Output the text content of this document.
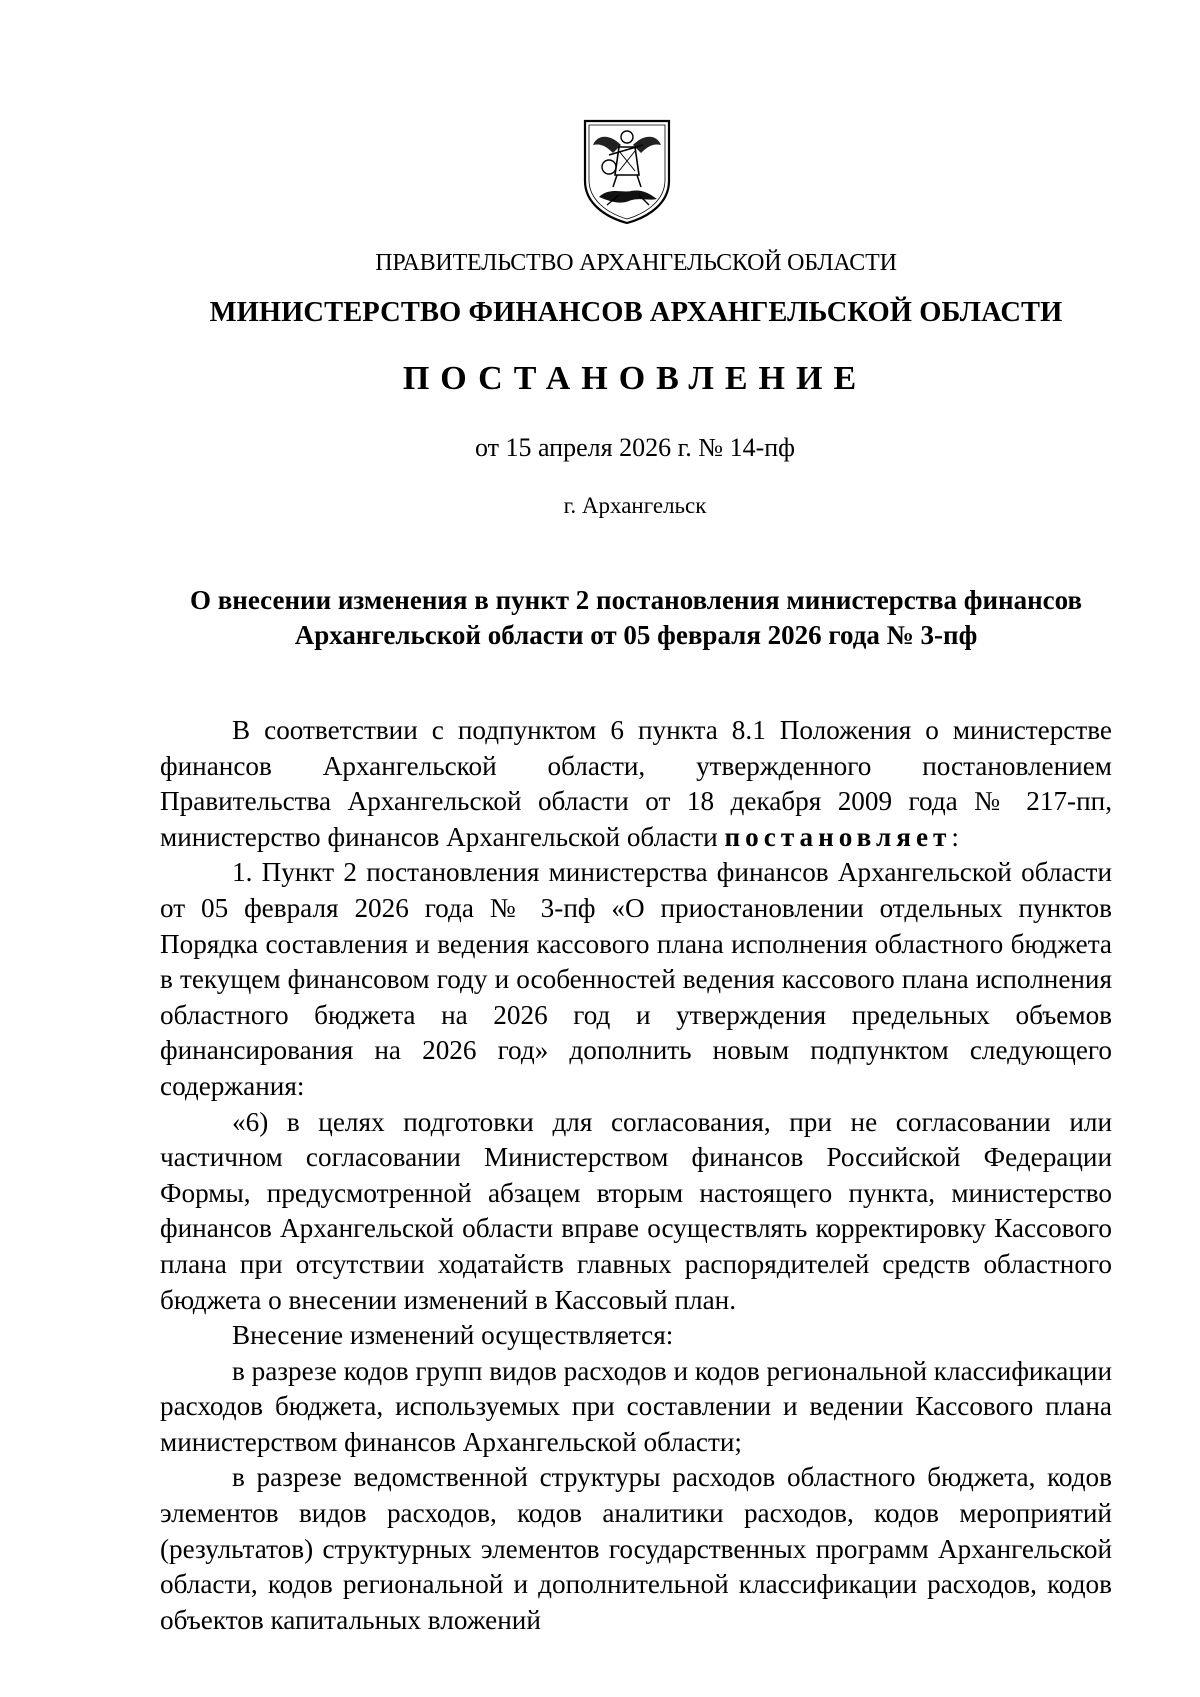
ПРАВИТЕЛЬСТВО АРХАНГЕЛЬСКОЙ ОБЛАСТИ
МИНИСТЕРСТВО ФИНАНСОВ АРХАНГЕЛЬСКОЙ ОБЛАСТИ
ПОСТАНОВЛЕНИЕ
от 15 апреля 2026 г. № 14-пф
г. Архангельск
О внесении изменения в пункт 2 постановления министерства финансов
Архангельской области от 05 февраля 2026 года № 3-пф

В соответствии с подпунктом 6 пункта 8.1 Положения о министерстве финансов Архангельской области, утвержденного постановлением Правительства Архангельской области от 18 декабря 2009 года № 217-пп, министерство финансов Архангельской области постановляет:

1. Пункт 2 постановления министерства финансов Архангельской области от 05 февраля 2026 года № 3-пф «О приостановлении отдельных пунктов Порядка составления и ведения кассового плана исполнения областного бюджета в текущем финансовом году и особенностей ведения кассового плана исполнения областного бюджета на 2026 год и утверждения предельных объемов финансирования на 2026 год» дополнить новым подпунктом следующего содержания:

«6) в целях подготовки для согласования, при не согласовании или частичном согласовании Министерством финансов Российской Федерации Формы, предусмотренной абзацем вторым настоящего пункта, министерство финансов Архангельской области вправе осуществлять корректировку Кассового плана при отсутствии ходатайств главных распорядителей средств областного бюджета о внесении изменений в Кассовый план.

Внесение изменений осуществляется:

в разрезе кодов групп видов расходов и кодов региональной классификации расходов бюджета, используемых при составлении и ведении Кассового плана министерством финансов Архангельской области;

в разрезе ведомственной структуры расходов областного бюджета, кодов элементов видов расходов, кодов аналитики расходов, кодов мероприятий (результатов) структурных элементов государственных программ Архангельской области, кодов региональной и дополнительной классификации расходов, кодов объектов капитальных вложений
